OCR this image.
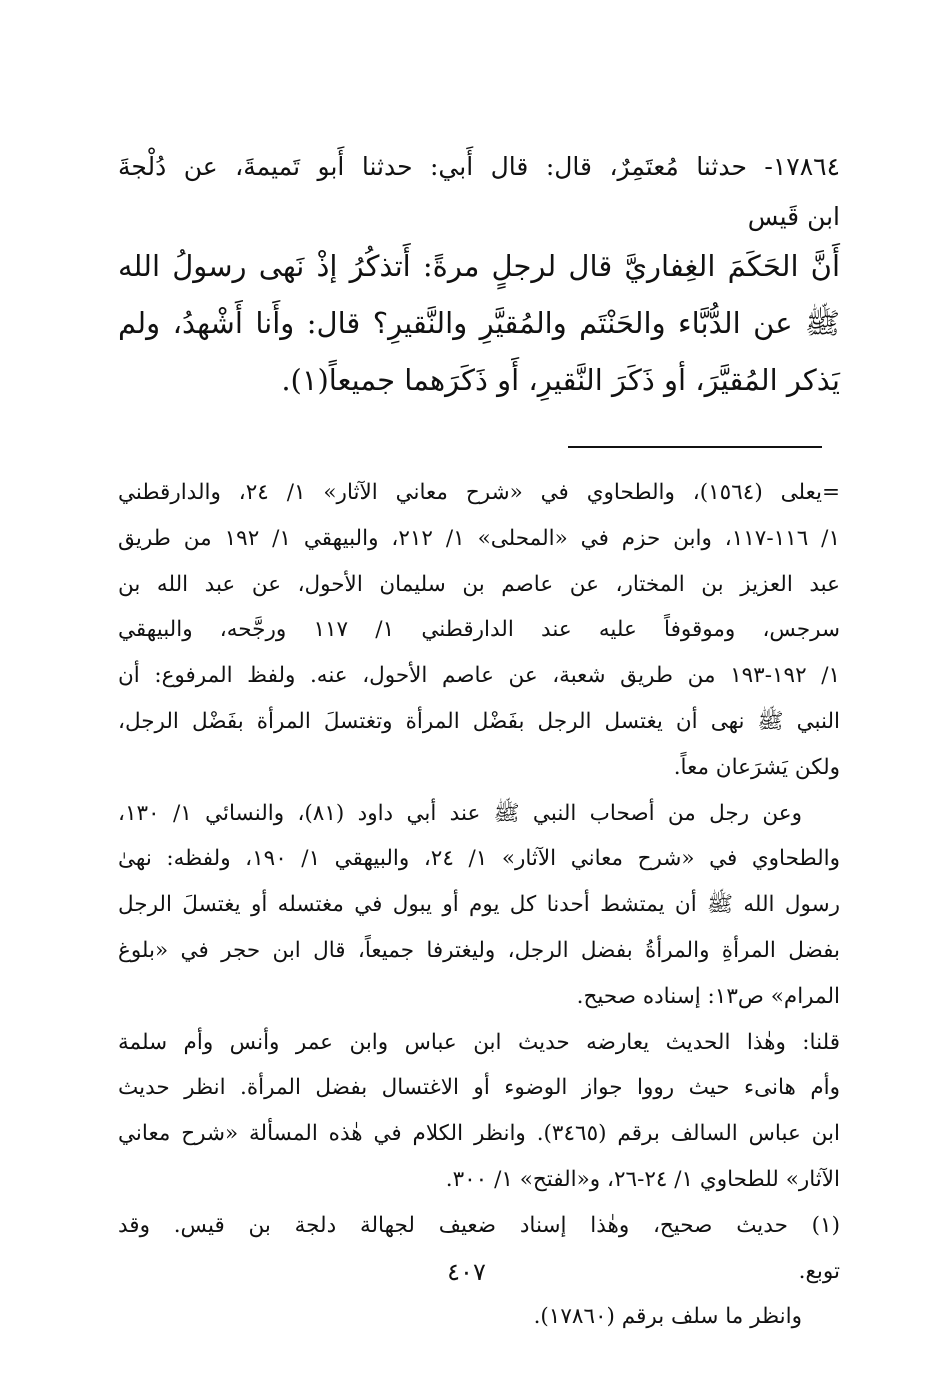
١٧٨٦٤- حدثنا مُعتَمِرٌ، قال: قال أَبي: حدثنا أَبو تَميمةَ، عن دُلْجةَ
ابن قَيس
أَنَّ الحَكَمَ الغِفاريَّ قال لرجلٍ مرةً: أَتذكُرُ إذْ نَهى رسولُ الله
ﷺ عن الدُّبَّاء والحَنْتَم والمُقيَّرِ والنَّقيرِ؟ قال: وأَنا أَشْهدُ، ولم
يَذكر المُقيَّرَ، أو ذَكَرَ النَّقيرِ، أَو ذَكَرَهما جميعاً(١).
=يعلى (١٥٦٤)، والطحاوي في «شرح معاني الآثار» ١/ ٢٤، والدارقطني
١/ ١١٦-١١٧، وابن حزم في «المحلى» ١/ ٢١٢، والبيهقي ١/ ١٩٢ من طريق
عبد العزيز بن المختار، عن عاصم بن سليمان الأحول، عن عبد الله بن
سرجس، وموقوفاً عليه عند الدارقطني ١/ ١١٧ ورجَّحه، والبيهقي
١/ ١٩٢-١٩٣ من طريق شعبة، عن عاصم الأحول، عنه. ولفظ المرفوع: أن
النبي ﷺ نهى أن يغتسل الرجل بفَضْل المرأة وتغتسلَ المرأة بفَضْل الرجل،
ولكن يَشرَعان معاً.
وعن رجل من أصحاب النبي ﷺ عند أبي داود (٨١)، والنسائي ١/ ١٣٠،
والطحاوي في «شرح معاني الآثار» ١/ ٢٤، والبيهقي ١/ ١٩٠، ولفظه: نهىٰ
رسول الله ﷺ أن يمتشط أحدنا كل يوم أو يبول في مغتسله أو يغتسلَ الرجل
بفضل المرأةِ والمرأةُ بفضل الرجل، وليغترفا جميعاً، قال ابن حجر في «بلوغ
المرام» ص١٣: إسناده صحيح.
قلنا: وهٰذا الحديث يعارضه حديث ابن عباس وابن عمر وأنس وأم سلمة
وأم هانىء حيث رووا جواز الوضوء أو الاغتسال بفضل المرأة. انظر حديث
ابن عباس السالف برقم (٣٤٦٥). وانظر الكلام في هٰذه المسألة «شرح معاني
الآثار» للطحاوي ١/ ٢٤-٢٦، و«الفتح» ١/ ٣٠٠.
(١) حديث صحيح، وهٰذا إسناد ضعيف لجهالة دلجة بن قيس. وقد
توبع.
وانظر ما سلف برقم (١٧٨٦٠).
٤٠٧
